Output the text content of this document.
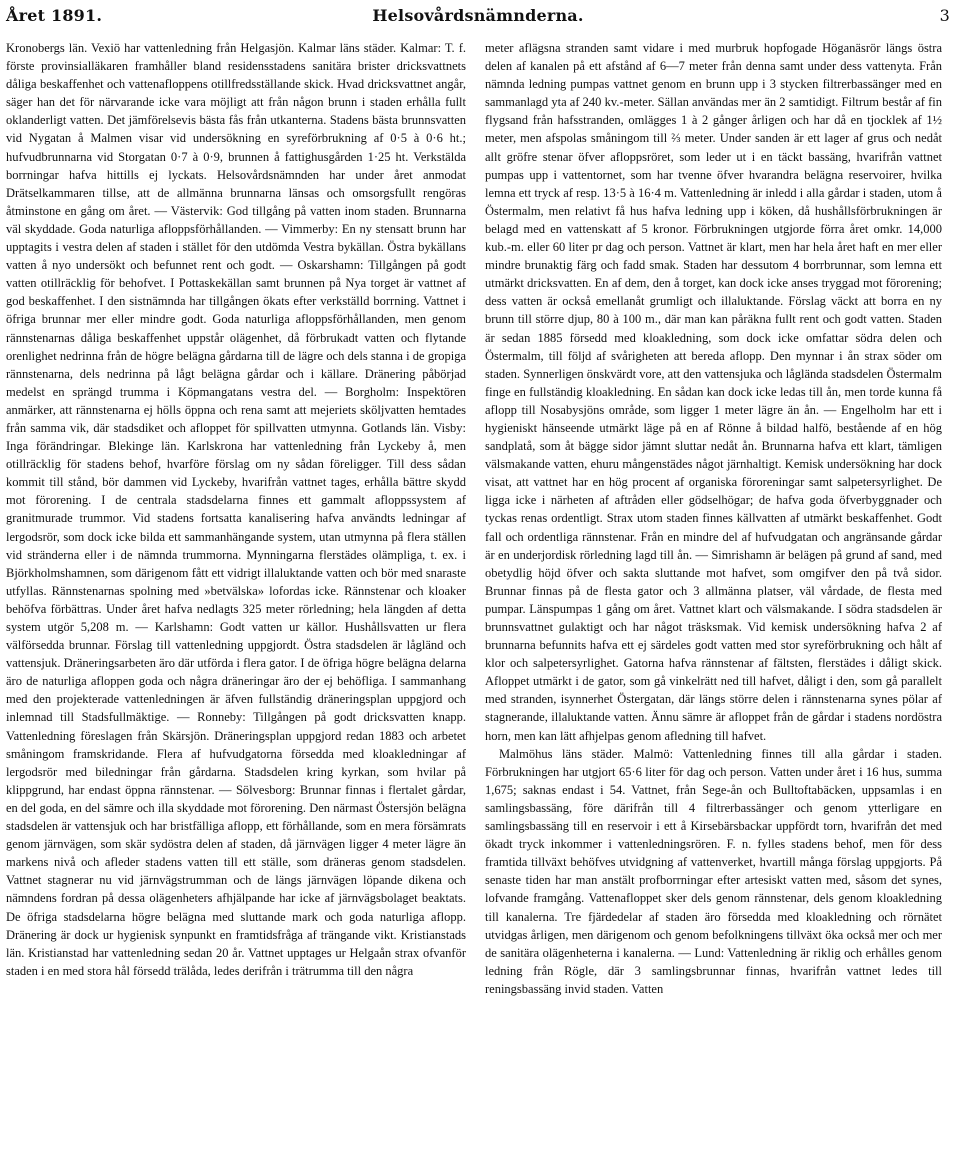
Året 1891.	Helsovårdsnämnderna.	3

Kronobergs län. Vexiö har vattenledning från Helgasjön. Kalmar läns städer. Kalmar: T. f. förste provinsialläkaren framhåller bland residensstadens sanitära brister dricksvattnets dåliga beskaffenhet och vattenafloppens otillfredsställande skick. Hvad dricksvattnet angår, säger han det för närvarande icke vara möjligt att från någon brunn i staden erhålla fullt oklanderligt vatten. Det jämförelsevis bästa fås från utkanterna. Stadens bästa brunnsvatten vid Nygatan å Malmen visar vid undersökning en syreförbrukning af 0·5 à 0·6 ht.; hufvudbrunnarna vid Storgatan 0·7 à 0·9, brunnen å fattighusgården 1·25 ht. Verkstälda borrningar hafva hittills ej lyckats. Helsovårdsnämnden har under året anmodat Drätselkammaren tillse, att de allmänna brunnarna länsas och omsorgsfullt rengöras åtminstone en gång om året. — Västervik: God tillgång på vatten inom staden. Brunnarna väl skyddade. Goda naturliga afloppsförhållanden. — Vimmerby: En ny stensatt brunn har upptagits i vestra delen af staden i stället för den utdömda Vestra bykällan. Östra bykällans vatten å nyo undersökt och befunnet rent och godt. — Oskarshamn: Tillgången på godt vatten otillräcklig för behofvet. I Pottaskekällan samt brunnen på Nya torget är vattnet af god beskaffenhet. I den sistnämnda har tillgången ökats efter verkställd borrning. Vattnet i öfriga brunnar mer eller mindre godt. Goda naturliga afloppsförhållanden, men genom rännstenarnas dåliga beskaffenhet uppstår olägenhet, då förbrukadt vatten och flytande orenlighet nedrinna från de högre belägna gårdarna till de lägre och dels stanna i de gropiga rännstenarna, dels nedrinna på lågt belägna gårdar och i källare. Dränering påbörjad medelst en sprängd trumma i Köpmangatans vestra del. — Borgholm: Inspektören anmärker, att rännstenarna ej hölls öppna och rena samt att mejeriets sköljvatten hemtades från samma vik, där stadsdiket och afloppet för spillvatten utmynna. Gotlands län. Visby: Inga förändringar. Blekinge län. Karlskrona har vattenledning från Lyckeby å, men otillräcklig för stadens behof, hvarföre förslag om ny sådan föreligger. Till dess sådan kommit till stånd, bör dammen vid Lyckeby, hvarifrån vattnet tages, erhålla bättre skydd mot förorening. I de centrala stadsdelarna finnes ett gammalt afloppssystem af granitmurade trummor. Vid stadens fortsatta kanalisering hafva användts ledningar af lergodsrör, som dock icke bilda ett sammanhängande system, utan utmynna på flera ställen vid stränderna eller i de nämnda trummorna. Mynningarna flerstädes olämpliga, t. ex. i Björkholmshamnen, som därigenom fått ett vidrigt illaluktande vatten och bör med snaraste utfyllas. Rännstenarnas spolning med »betvälska» lofordas icke. Rännstenar och kloaker behöfva förbättras. Under året hafva nedlagts 325 meter rörledning; hela längden af detta system utgör 5,208 m. — Karlshamn: Godt vatten ur källor. Hushållsvatten ur flera välförsedda brunnar. Förslag till vattenledning uppgjordt. Östra stadsdelen är lågländ och vattensjuk. Dräneringsarbeten äro där utförda i flera gator. I de öfriga högre belägna delarna äro de naturliga afloppen goda och några dräneringar äro der ej behöfliga. I sammanhang med den projekterade vattenledningen är äfven fullständig dräneringsplan uppgjord och inlemnad till Stadsfullmäktige. — Ronneby: Tillgången på godt dricksvatten knapp. Vattenledning föreslagen från Skärsjön. Dräneringsplan uppgjord redan 1883 och arbetet småningom framskridande. Flera af hufvudgatorna försedda med kloakledningar af lergodsrör med biledningar från gårdarna. Stadsdelen kring kyrkan, som hvilar på klippgrund, har endast öppna rännstenar. — Sölvesborg: Brunnar finnas i flertalet gårdar, en del goda, en del sämre och illa skyddade mot förorening. Den närmast Östersjön belägna stadsdelen är vattensjuk och har bristfälliga aflopp, ett förhållande, som en mera försämrats genom järnvägen, som skär sydöstra delen af staden, då järnvägen ligger 4 meter lägre än markens nivå och afleder stadens vatten till ett ställe, som dräneras genom stadsdelen. Vattnet stagnerar nu vid järnvägstrumman och de längs järnvägen löpande dikena och nämndens fordran på dessa olägenheters afhjälpande har icke af järnvägsbolaget beaktats. De öfriga stadsdelarna högre belägna med sluttande mark och goda naturliga aflopp. Dränering är dock ur hygienisk synpunkt en framtidsfråga af trängande vikt. Kristianstads län. Kristianstad har vattenledning sedan 20 år. Vattnet upptages ur Helgaån strax ofvanför staden i en med stora hål försedd trälåda, ledes derifrån i trätrumma till den några

meter aflägsna stranden samt vidare i med murbruk hopfogade Höganäsrör längs östra delen af kanalen på ett afstånd af 6—7 meter från denna samt under dess vattenyta. Från nämnda ledning pumpas vattnet genom en brunn upp i 3 stycken filtrerbassänger med en sammanlagd yta af 240 kv.-meter. Sällan användas mer än 2 samtidigt. Filtrum består af fin flygsand från hafsstranden, omlägges 1 à 2 gånger årligen och har då en tjocklek af 1½ meter, men afspolas småningom till ⅔ meter. Under sanden är ett lager af grus och nedåt allt gröfre stenar öfver afloppsröret, som leder ut i en täckt bassäng, hvarifrån vattnet pumpas upp i vattentornet, som har tvenne öfver hvarandra belägna reservoirer, hvilka lemna ett tryck af resp. 13·5 à 16·4 m. Vattenledning är inledd i alla gårdar i staden, utom å Östermalm, men relativt få hus hafva ledning upp i köken, då hushållsförbrukningen är belagd med en vattenskatt af 5 kronor. Förbrukningen utgjorde förra året omkr. 14,000 kub.-m. eller 60 liter pr dag och person. Vattnet är klart, men har hela året haft en mer eller mindre brunaktig färg och fadd smak. Staden har dessutom 4 borrbrunnar, som lemna ett utmärkt dricksvatten. En af dem, den å torget, kan dock icke anses tryggad mot förorening; dess vatten är också emellanåt grumligt och illaluktande. Förslag väckt att borra en ny brunn till större djup, 80 à 100 m., där man kan påräkna fullt rent och godt vatten. Staden är sedan 1885 försedd med kloakledning, som dock icke omfattar södra delen och Östermalm, till följd af svårigheten att bereda aflopp. Den mynnar i ån strax söder om staden. Synnerligen önskvärdt vore, att den vattensjuka och låglända stadsdelen Östermalm finge en fullständig kloakledning. En sådan kan dock icke ledas till ån, men torde kunna få aflopp till Nosabysjöns område, som ligger 1 meter lägre än ån. — Engelholm har ett i hygieniskt hänseende utmärkt läge på en af Rönne å bildad halfö, bestående af en hög sandplatå, som åt bägge sidor jämnt sluttar nedåt ån. Brunnarna hafva ett klart, tämligen välsmakande vatten, ehuru mångenstädes något järnhaltigt. Kemisk undersökning har dock visat, att vattnet har en hög procent af organiska föroreningar samt salpetersyrlighet. De ligga icke i närheten af aftråden eller gödselhögar; de hafva goda öfverbyggnader och tyckas renas ordentligt. Strax utom staden finnes källvatten af utmärkt beskaffenhet. Godt fall och ordentliga rännstenar. Från en mindre del af hufvudgatan och angränsande gårdar är en underjordisk rörledning lagd till ån. — Simrishamn är belägen på grund af sand, med obetydlig höjd öfver och sakta sluttande mot hafvet, som omgifver den på två sidor. Brunnar finnas på de flesta gator och 3 allmänna platser, väl vårdade, de flesta med pumpar. Länspumpas 1 gång om året. Vattnet klart och välsmakande. I södra stadsdelen är brunnsvattnet gulaktigt och har något träsksmak. Vid kemisk undersökning hafva 2 af brunnarna befunnits hafva ett ej särdeles godt vatten med stor syreförbrukning och hålt af klor och salpetersyrlighet. Gatorna hafva rännstenar af fältsten, flerstädes i dåligt skick. Afloppet utmärkt i de gator, som gå vinkelrätt ned till hafvet, dåligt i den, som gå parallelt med stranden, isynnerhet Östergatan, där längs större delen i rännstenarna synes pölar af stagnerande, illaluktande vatten. Ännu sämre är afloppet från de gårdar i stadens nordöstra horn, men kan lätt afhjelpas genom afledning till hafvet.

Malmöhus läns städer. Malmö: Vattenledning finnes till alla gårdar i staden. Förbrukningen har utgjort 65·6 liter för dag och person. Vatten under året i 16 hus, summa 1,675; saknas endast i 54. Vattnet, från Sege-ån och Bulltoftabäcken, uppsamlas i en samlingsbassäng, före därifrån till 4 filtrerbassänger och genom ytterligare en samlingsbassäng till en reservoir i ett å Kirsebärsbackar uppfördt torn, hvarifrån det med ökadt tryck inkommer i vattenledningsrören. F. n. fylles stadens behof, men för dess framtida tillväxt behöfves utvidgning af vattenverket, hvartill många förslag uppgjorts. På senaste tiden har man anstält profborrningar efter artesiskt vatten med, såsom det synes, lofvande framgång. Vattenafloppet sker dels genom rännstenar, dels genom kloakledning till kanalerna. Tre fjärdedelar af staden äro försedda med kloakledning och rörnätet utvidgas årligen, men därigenom och genom befolkningens tillväxt öka också mer och mer de sanitära olägenheterna i kanalerna. — Lund: Vattenledning är riklig och erhålles genom ledning från Rögle, där 3 samlingsbrunnar finnas, hvarifrån vattnet ledes till reningsbassäng invid staden. Vatten
